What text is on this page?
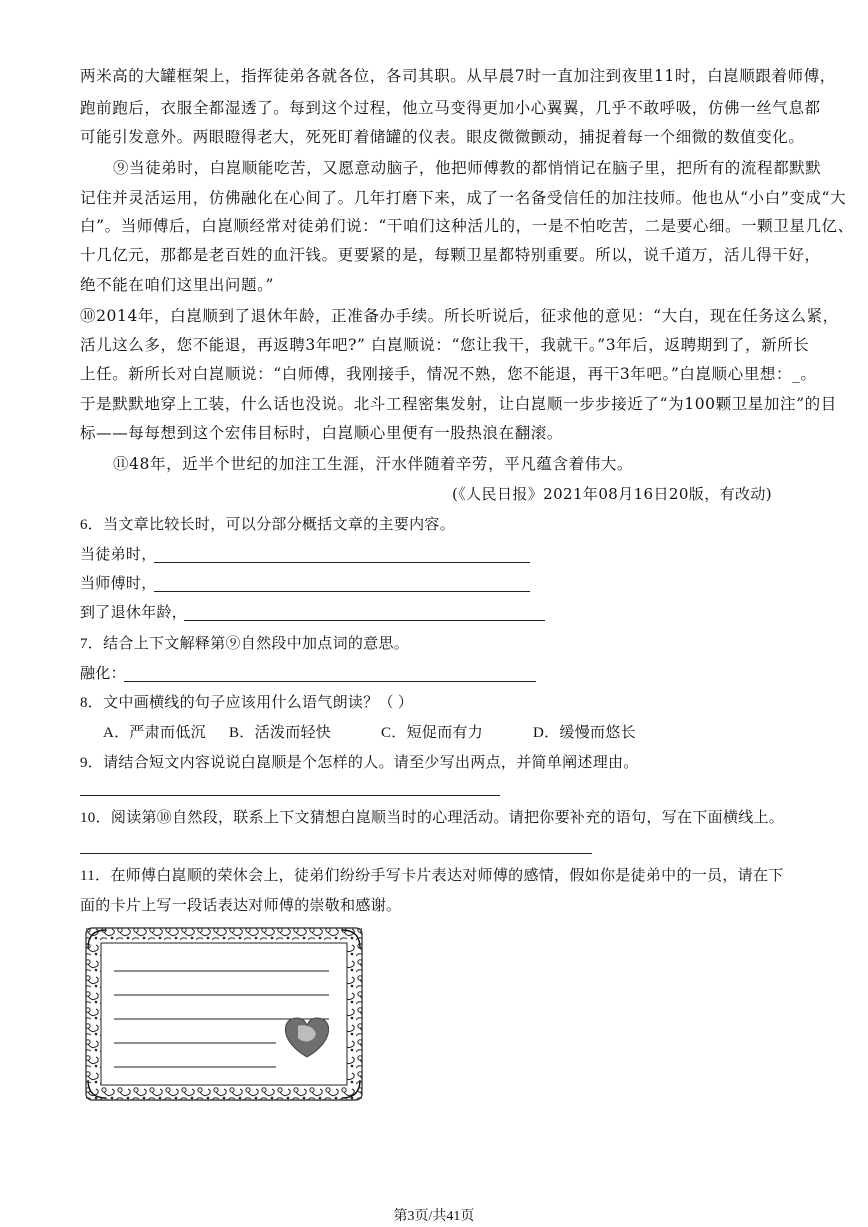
两米高的大罐框架上，指挥徒弟各就各位，各司其职。从早晨7时一直加注到夜里11时，白崑顺跟着师傅，
跑前跑后，衣服全都湿透了。每到这个过程，他立马变得更加小心翼翼，几乎不敢呼吸，仿佛一丝气息都
可能引发意外。两眼瞪得老大，死死盯着储罐的仪表。眼皮微微颤动，捕捉着每一个细微的数值变化。
⑨当徒弟时，白崑顺能吃苦，又愿意动脑子，他把师傅教的都悄悄记在脑子里，把所有的流程都默默
记住并灵活运用，仿佛融化在心间了。几年打磨下来，成了一名备受信任的加注技师。他也从“小白”变成“大
白”。当师傅后，白崑顺经常对徒弟们说：“干咱们这种活儿的，一是不怕吃苦，二是要心细。一颗卫星几亿、
十几亿元，那都是老百姓的血汗钱。更要紧的是，每颗卫星都特别重要。所以，说千道万，活儿得干好，
绝不能在咱们这里出问题。”
⑩2014年，白崑顺到了退休年龄，正准备办手续。所长听说后，征求他的意见：“大白，现在任务这么紧，
活儿这么多，您不能退，再返聘3年吧?” 白崑顺说：“您让我干，我就干。”3年后，返聘期到了，新所长
上任。新所长对白崑顺说：“白师傅，我刚接手，情况不熟，您不能退，再干3年吧。”白崑顺心里想：_。
于是默默地穿上工装，什么话也没说。北斗工程密集发射，让白崑顺一步步接近了“为100颗卫星加注”的目
标——每每想到这个宏伟目标时，白崑顺心里便有一股热浪在翻滚。
⑪48年，近半个世纪的加注工生涯，汗水伴随着辛劳，平凡蕴含着伟大。
(《人民日报》2021年08月16日20版，有改动)
6．当文章比较长时，可以分部分概括文章的主要内容。
当徒弟时，
当师傅时，
到了退休年龄，
7．结合上下文解释第⑨自然段中加点词的意思。
融化：
8．文中画横线的句子应该用什么语气朗读？（ ）
A．严肃而低沉 B．活泼而轻快	C．短促而有力	D．缓慢而悠长
9．请结合短文内容说说白崑顺是个怎样的人。请至少写出两点，并简单阐述理由。
10．阅读第⑩自然段，联系上下文猜想白崑顺当时的心理活动。请把你要补充的语句，写在下面横线上。
11．在师傅白崑顺的荣休会上，徒弟们纷纷手写卡片表达对师傅的感情，假如你是徒弟中的一员，请在下
面的卡片上写一段话表达对师傅的崇敬和感谢。
第3页/共41页
